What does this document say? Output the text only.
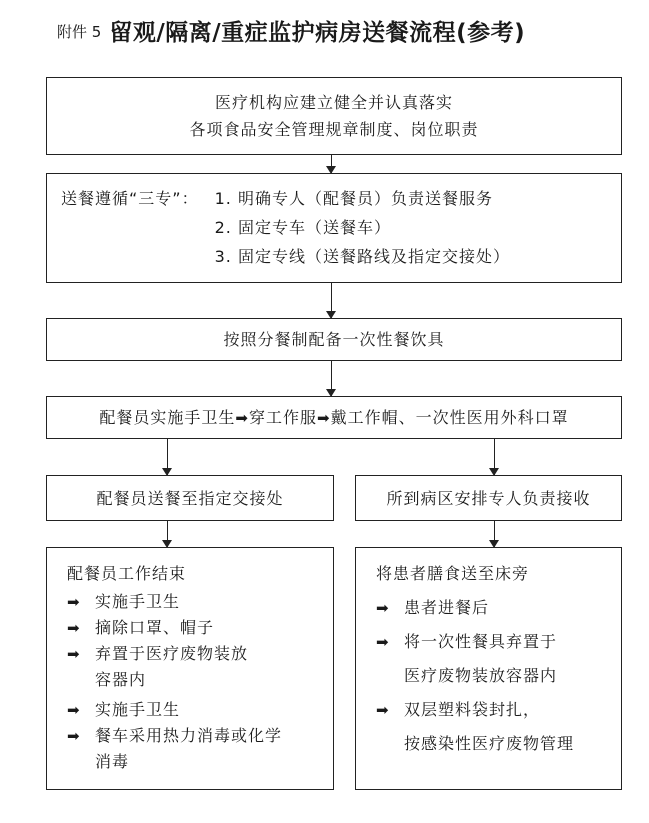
附件 5 留观/隔离/重症监护病房送餐流程(参考)
医疗机构应建立健全并认真落实
各项食品安全管理规章制度、岗位职责
送餐遵循“三专”： 1. 明确专人（配餐员）负责送餐服务
2. 固定专车（送餐车）
3. 固定专线（送餐路线及指定交接处）
按照分餐制配备一次性餐饮具
配餐员实施手卫生➡穿工作服➡戴工作帽、一次性医用外科口罩
配餐员送餐至指定交接处	所到病区安排专人负责接收
配餐员工作结束
➡ 实施手卫生
➡ 摘除口罩、帽子
➡ 弃置于医疗废物装放
容器内
➡ 实施手卫生
➡ 餐车采用热力消毒或化学
消毒
将患者膳食送至床旁
➡ 患者进餐后
➡ 将一次性餐具弃置于
医疗废物装放容器内
➡ 双层塑料袋封扎，
按感染性医疗废物管理
